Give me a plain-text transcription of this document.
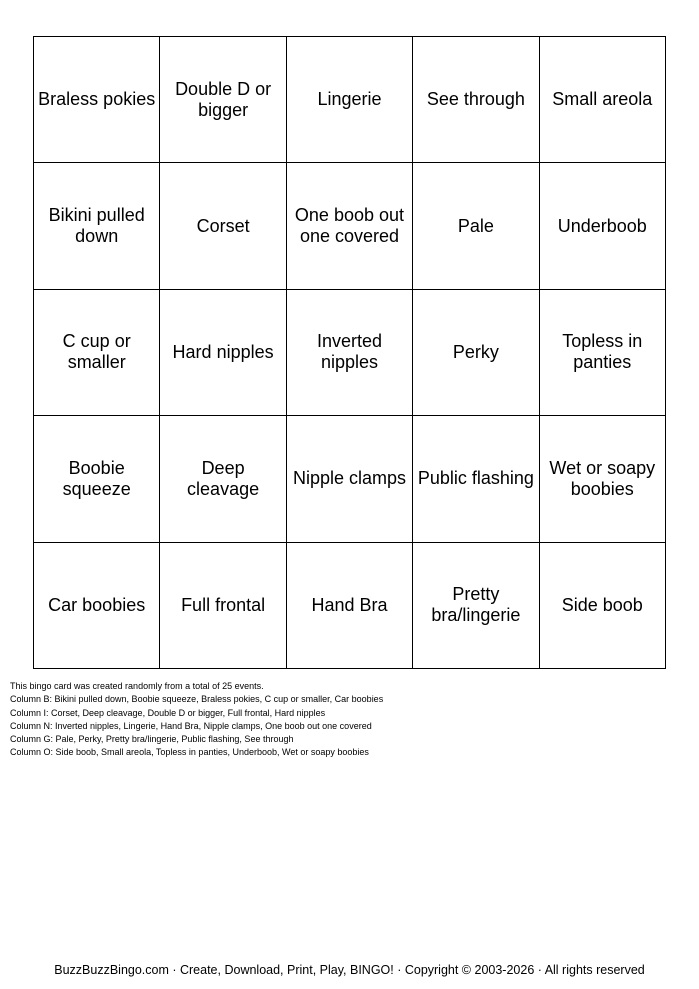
Braless pokies	Double D or bigger	Lingerie	See through	Small areola
Bikini pulled down	Corset	One boob out one covered	Pale	Underboob
C cup or smaller	Hard nipples	Inverted nipples	Perky	Topless in panties
Boobie squeeze	Deep cleavage	Nipple clamps	Public flashing	Wet or soapy boobies
Car boobies	Full frontal	Hand Bra	Pretty bra/lingerie	Side boob
This bingo card was created randomly from a total of 25 events.
Column B: Bikini pulled down, Boobie squeeze, Braless pokies, C cup or smaller, Car boobies
Column I: Corset, Deep cleavage, Double D or bigger, Full frontal, Hard nipples
Column N: Inverted nipples, Lingerie, Hand Bra, Nipple clamps, One boob out one covered
Column G: Pale, Perky, Pretty bra/lingerie, Public flashing, See through
Column O: Side boob, Small areola, Topless in panties, Underboob, Wet or soapy boobies
BuzzBuzzBingo.com · Create, Download, Print, Play, BINGO! · Copyright © 2003-2026 · All rights reserved
